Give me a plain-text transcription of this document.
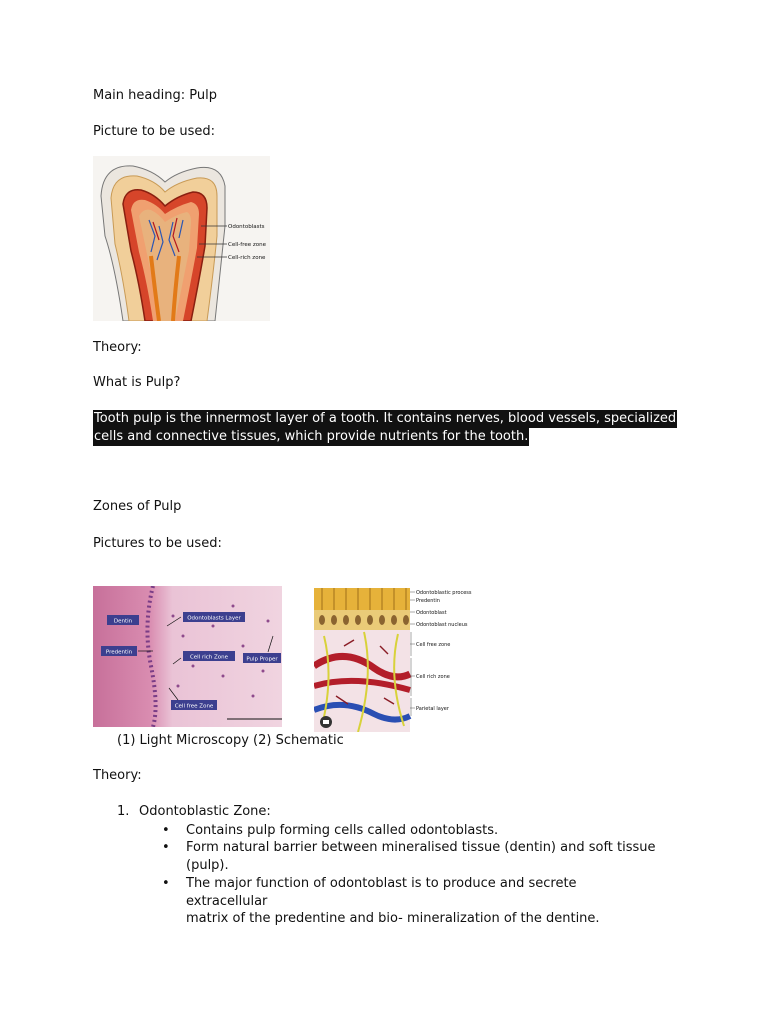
Main heading: Pulp
Picture to be used:
Odontoblasts
Cell-free zone
Cell-rich zone
Theory:
What is Pulp?
Tooth pulp is the innermost layer of a tooth. It contains nerves, blood vessels, specialized
cells and connective tissues, which provide nutrients for the tooth.
Zones of Pulp
Pictures to be used:
Dentin	Odontoblasts Layer
Predentin
Cell rich Zone	Pulp Proper
Cell free Zone
Odontoblastic process
Predentin
Odontoblast
Odontoblast nucleus
Cell free zone
Cell rich zone
Parietal layer
(1) Light Microscopy (2) Schematic
Theory:
1. Odontoblastic Zone:
• Contains pulp forming cells called odontoblasts.
• Form natural barrier between mineralised tissue (dentin) and soft tissue
(pulp).
• The major function of odontoblast is to produce and secrete extracellular
matrix of the predentine and bio- mineralization of the dentine.
